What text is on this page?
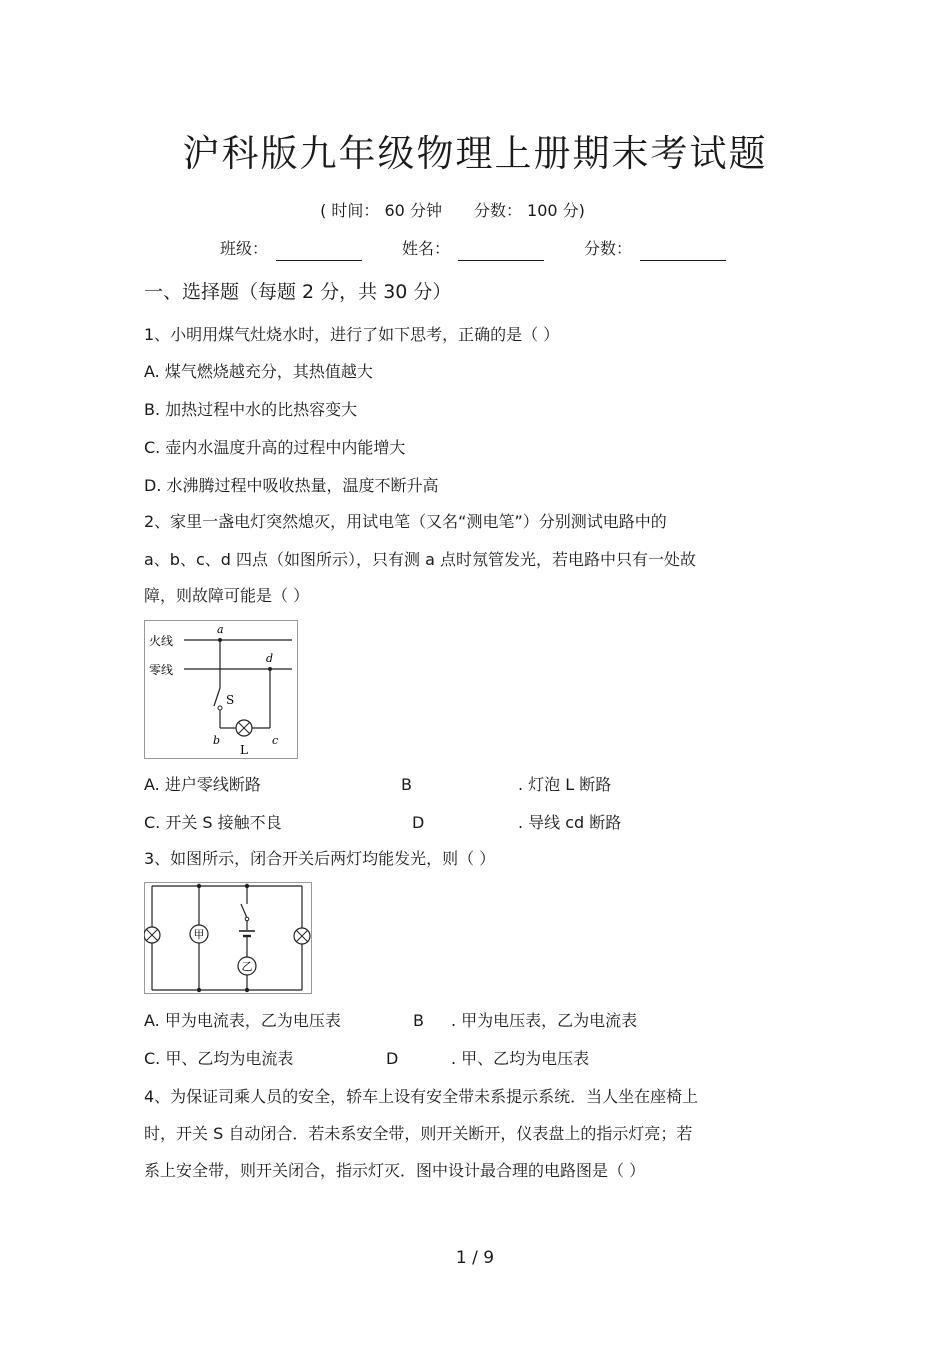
沪科版九年级物理上册期末考试题
( 时间： 60 分钟 分数： 100 分)
班级：	姓名：	分数：
一、选择题（每题 2 分，共 30 分）
1、小明用煤气灶烧水时，进行了如下思考，正确的是（ ）
A. 煤气燃烧越充分，其热值越大
B. 加热过程中水的比热容变大
C. 壶内水温度升高的过程中内能增大
D. 水沸腾过程中吸收热量，温度不断升高
2、家里一盏电灯突然熄灭，用试电笔（又名“测电笔”）分别测试电路中的
a、b、c、d 四点（如图所示），只有测 a 点时氖管发光，若电路中只有一处故
障，则故障可能是（ ）
火线
零线
a
d
S
b	c
L
A. 进户零线断路	B	. 灯泡 L 断路
C. 开关 S 接触不良	D	. 导线 cd 断路
3、如图所示，闭合开关后两灯均能发光，则（ ）
甲
乙
A. 甲为电流表，乙为电压表	B . 甲为电压表，乙为电流表
C. 甲、乙均为电流表	D	. 甲、乙均为电压表
4、为保证司乘人员的安全，轿车上设有安全带未系提示系统．当人坐在座椅上
时，开关 S 自动闭合．若未系安全带，则开关断开，仪表盘上的指示灯亮；若
系上安全带，则开关闭合，指示灯灭．图中设计最合理的电路图是（ ）
1 / 9
